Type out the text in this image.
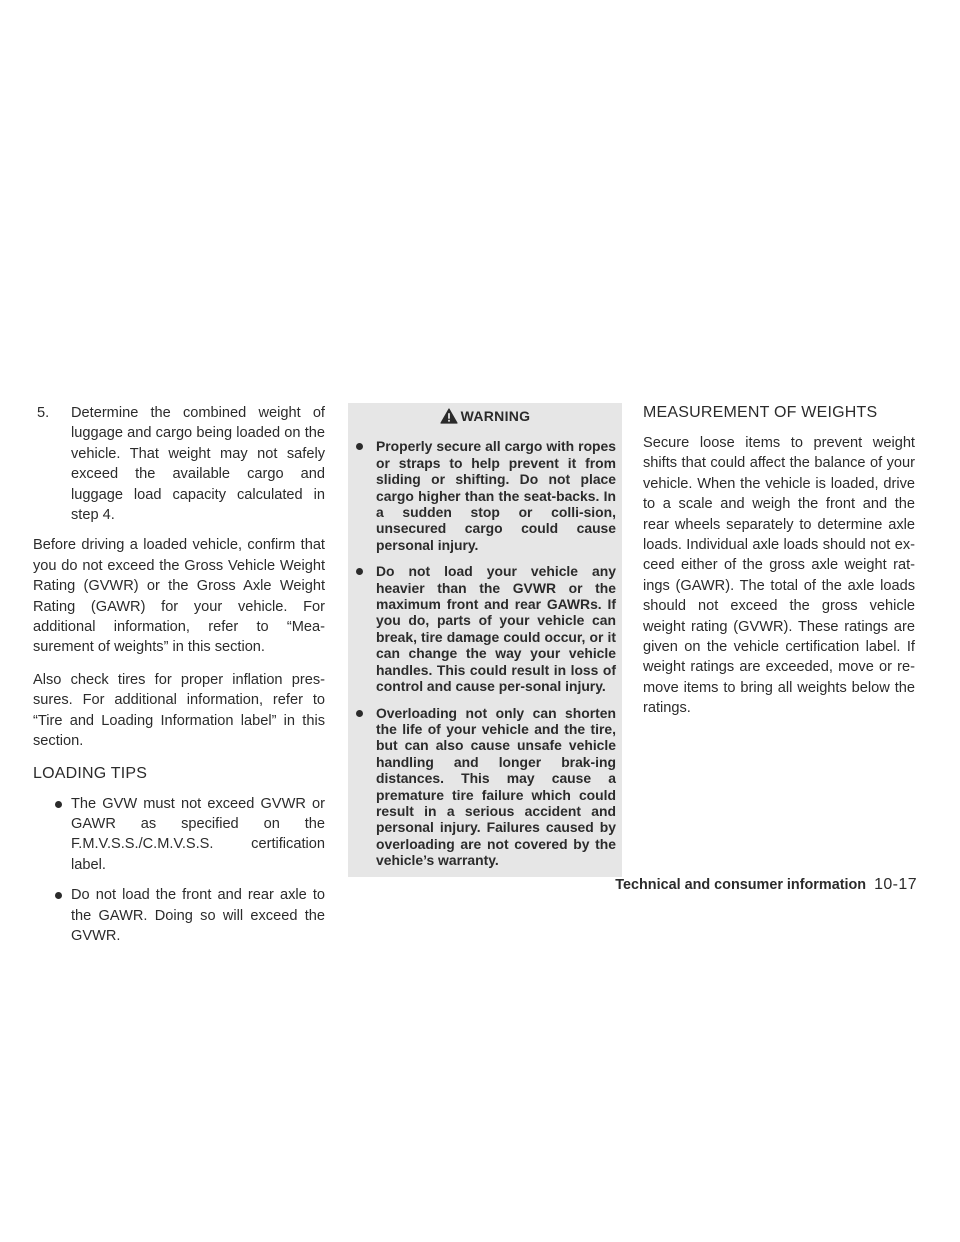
5. Determine the combined weight of luggage and cargo being loaded on the vehicle. That weight may not safely exceed the available cargo and luggage load capacity calculated in step 4.

Before driving a loaded vehicle, confirm that you do not exceed the Gross Vehicle Weight Rating (GVWR) or the Gross Axle Weight Rating (GAWR) for your vehicle. For additional information, refer to “Mea-surement of weights” in this section.

Also check tires for proper inflation pres-sures. For additional information, refer to “Tire and Loading Information label” in this section.

LOADING TIPS
The GVW must not exceed GVWR or GAWR as specified on the F.M.V.S.S./C.M.V.S.S. certification label.
Do not load the front and rear axle to the GAWR. Doing so will exceed the GVWR.
WARNING
Properly secure all cargo with ropes or straps to help prevent it from sliding or shifting. Do not place cargo higher than the seat-backs. In a sudden stop or colli-sion, unsecured cargo could cause personal injury.
Do not load your vehicle any heavier than the GVWR or the maximum front and rear GAWRs. If you do, parts of your vehicle can break, tire damage could occur, or it can change the way your vehicle handles. This could result in loss of control and cause per-sonal injury.
Overloading not only can shorten the life of your vehicle and the tire, but can also cause unsafe vehicle handling and longer brak-ing distances. This may cause a premature tire failure which could result in a serious accident and personal injury. Failures caused by overloading are not covered by the vehicle’s warranty.
MEASUREMENT OF WEIGHTS

Secure loose items to prevent weight shifts that could affect the balance of your vehicle. When the vehicle is loaded, drive to a scale and weigh the front and the rear wheels separately to determine axle loads. Individual axle loads should not ex-ceed either of the gross axle weight rat-ings (GAWR). The total of the axle loads should not exceed the gross vehicle weight rating (GVWR). These ratings are given on the vehicle certification label. If weight ratings are exceeded, move or re-move items to bring all weights below the ratings.

Technical and consumer information 10-17
